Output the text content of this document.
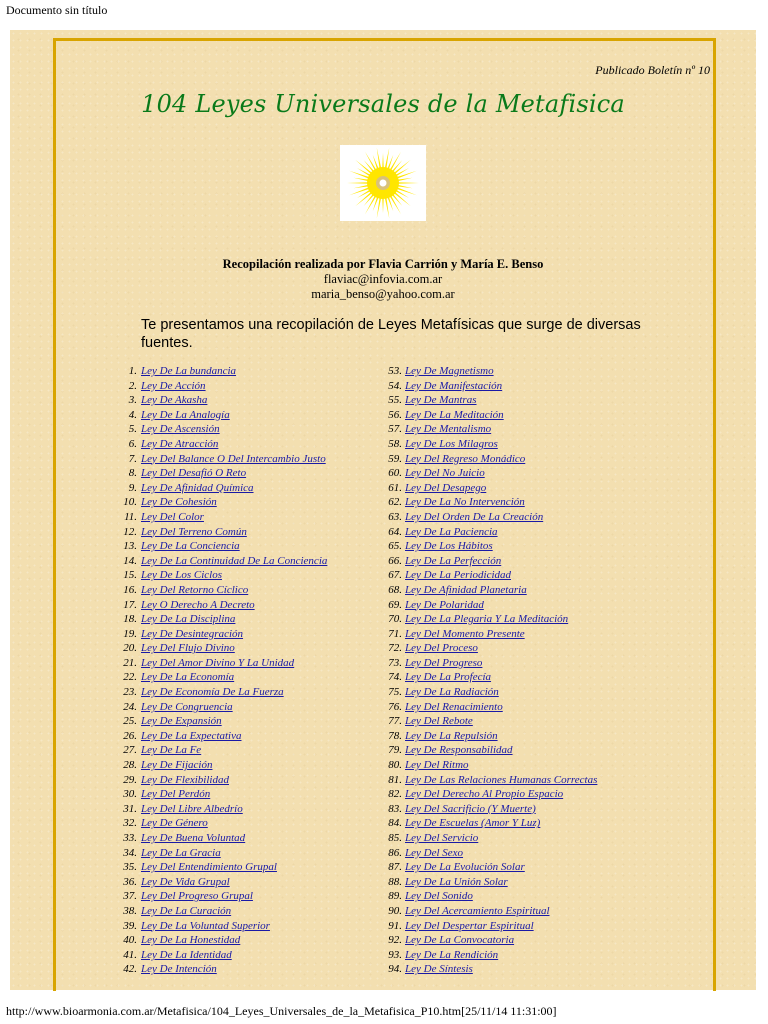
Documento sin título
Publicado Boletín nº 10
104 Leyes Universales de la Metafisica
Recopilación realizada por Flavia Carrión y María E. Benso
flaviac@infovia.com.ar
maria_benso@yahoo.com.ar
Te presentamos una recopilación de Leyes Metafísicas que surge de diversas fuentes.
1. Ley De La bundancia
2. Ley De Acción
3. Ley De Akasha
4. Ley De La Analogía
5. Ley De Ascensión
6. Ley De Atracción
7. Ley Del Balance O Del Intercambio Justo
8. Ley Del Desafió O Reto
9. Ley De Afinidad Química
10. Ley De Cohesión
11. Ley Del Color
12. Ley Del Terreno Común
13. Ley De La Conciencia
14. Ley De La Continuidad De La Conciencia
15. Ley De Los Ciclos
16. Ley Del Retorno Cíclico
17. Ley O Derecho A Decreto
18. Ley De La Disciplina
19. Ley De Desintegración
20. Ley Del Flujo Divino
21. Ley Del Amor Divino Y La Unidad
22. Ley De La Economía
23. Ley De Economía De La Fuerza
24. Ley De Congruencia
25. Ley De Expansión
26. Ley De La Expectativa
27. Ley De La Fe
28. Ley De Fijación
29. Ley De Flexibilidad
30. Ley Del Perdón
31. Ley Del Libre Albedrío
32. Ley De Género
33. Ley De Buena Voluntad
34. Ley De La Gracia
35. Ley Del Entendimiento Grupal
36. Ley De Vida Grupal
37. Ley Del Progreso Grupal
38. Ley De La Curación
39. Ley De La Voluntad Superior
40. Ley De La Honestidad
41. Ley De La Identidad
42. Ley De Intención
53. Ley De Magnetismo
54. Ley De Manifestación
55. Ley De Mantras
56. Ley De La Meditación
57. Ley De Mentalismo
58. Ley De Los Milagros
59. Ley Del Regreso Monádico
60. Ley Del No Juicio
61. Ley Del Desapego
62. Ley De La No Intervención
63. Ley Del Orden De La Creación
64. Ley De La Paciencia
65. Ley De Los Hábitos
66. Ley De La Perfección
67. Ley De La Periodicidad
68. Ley De Afinidad Planetaria
69. Ley De Polaridad
70. Ley De La Plegaria Y La Meditación
71. Ley Del Momento Presente
72. Ley Del Proceso
73. Ley Del Progreso
74. Ley De La Profecía
75. Ley De La Radiación
76. Ley Del Renacimiento
77. Ley Del Rebote
78. Ley De La Repulsión
79. Ley De Responsabilidad
80. Ley Del Ritmo
81. Ley De Las Relaciones Humanas Correctas
82. Ley Del Derecho Al Propio Espacio
83. Ley Del Sacrificio (Y Muerte)
84. Ley De Escuelas (Amor Y Luz)
85. Ley Del Servicio
86. Ley Del Sexo
87. Ley De La Evolución Solar
88. Ley De La Unión Solar
89. Ley Del Sonido
90. Ley Del Acercamiento Espiritual
91. Ley Del Despertar Espiritual
92. Ley De La Convocatoria
93. Ley De La Rendición
94. Ley De Síntesis
http://www.bioarmonia.com.ar/Metafisica/104_Leyes_Universales_de_la_Metafisica_P10.htm[25/11/14 11:31:00]
